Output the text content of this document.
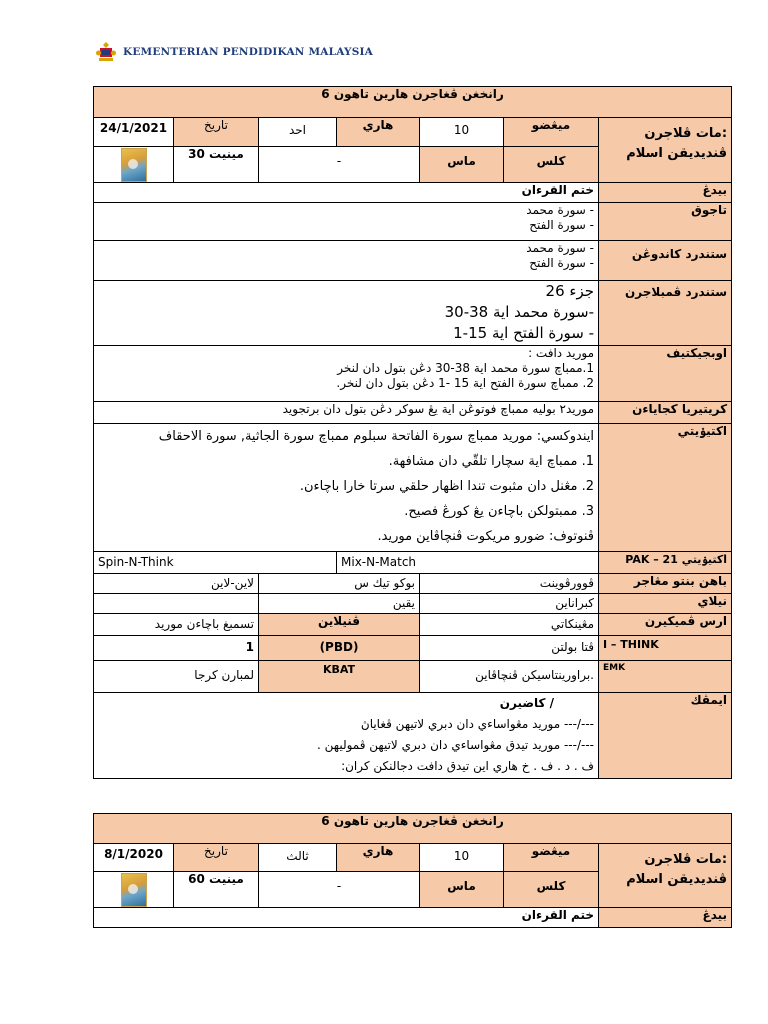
KEMENTERIAN PENDIDIKAN MALAYSIA
رانخغن ڤغاجرن هارين تاهون 6							
24/1/2021	تاريخ	احد	هاري	10	ميڠضو	:مات ڤلاجرن
ڤنديديقن اسلام	

	مينيت 30	-		ماس	كلس		
ختم القرءان						بيدڠ	

- سورة محمد
- سورة الفتح						تاجوق	

- سورة محمد
- سورة الفتح						ستندرد کاندوڠن	

جزء 26
-سورة محمد اية 38-30
- سورة الفتح اية 15-1						ستندرد ڤمبلاجرن	

موريد دافت :
1.ممباچ سورة محمد اية 38-30 دڠن بتول دان لنخر
2. ممباچ سورة الفتح اية 15 -1 دڠن بتول دان لنخر.						اوبجيكتيف	
موريد٢ بوليه ممباچ فوتوڠن اية يڠ سوكر دڠن بتول دان برتجويد						كريتيريا كجاياءن	

ايندوكسي: موريد ممباچ سورة الفاتحة سبلوم ممباچ سورة الجاثية, سورة الاحقاف
1. ممباچ اية سچارا تلقّي دان مشافهة.
2. مڠنل دان مثبوت تندا اظهار حلقي سرتا خارا باچاءن.
3. ممبتولكن باچاءن يڠ كورڠ فصيح.
ڤنوتوف: ضورو مريكوت ڤنچاڤاين موريد.						اكتيۏيتي	
Spin-N-Think			Mix-N-Match			اكتيۏيتي PAK – 21	
لاين-لاين		بوكو تيك س		ڤوورڤوينت		باهن بنتو مڠاجر	
		يقين		كبراناين		نيلاي	
تسمبغ باچاءن موريد		ڤنيلاين		مڠينكاتي		ارس ڤميكيرن	
1		(PBD)		ڤتا بولتن		I – THINK	
لمبارن كرجا		KBAT		.براورينتاسيكن ڤنچاڤاين		EMK	

/ كاضيرن
---/--- موريد مڠواساءي دان دبري لاتيهن ڤغاياڽ
---/--- موريد تيدق مڠواساءي دان دبري لاتيهن ڤموليهن .
ف . د . ف . خ هاري اين تيدق دافت دجالنكن كران:						ايمڤك	
رانخغن ڤغاجرن هارين تاهون 6							
8/1/2020	تاريخ	ثالث	هاري	10	ميڠضو	:مات ڤلاجرن
ڤنديديقن اسلام	

	مينيت 60	-		ماس	كلس		
ختم القرءان						بيدڠ	
